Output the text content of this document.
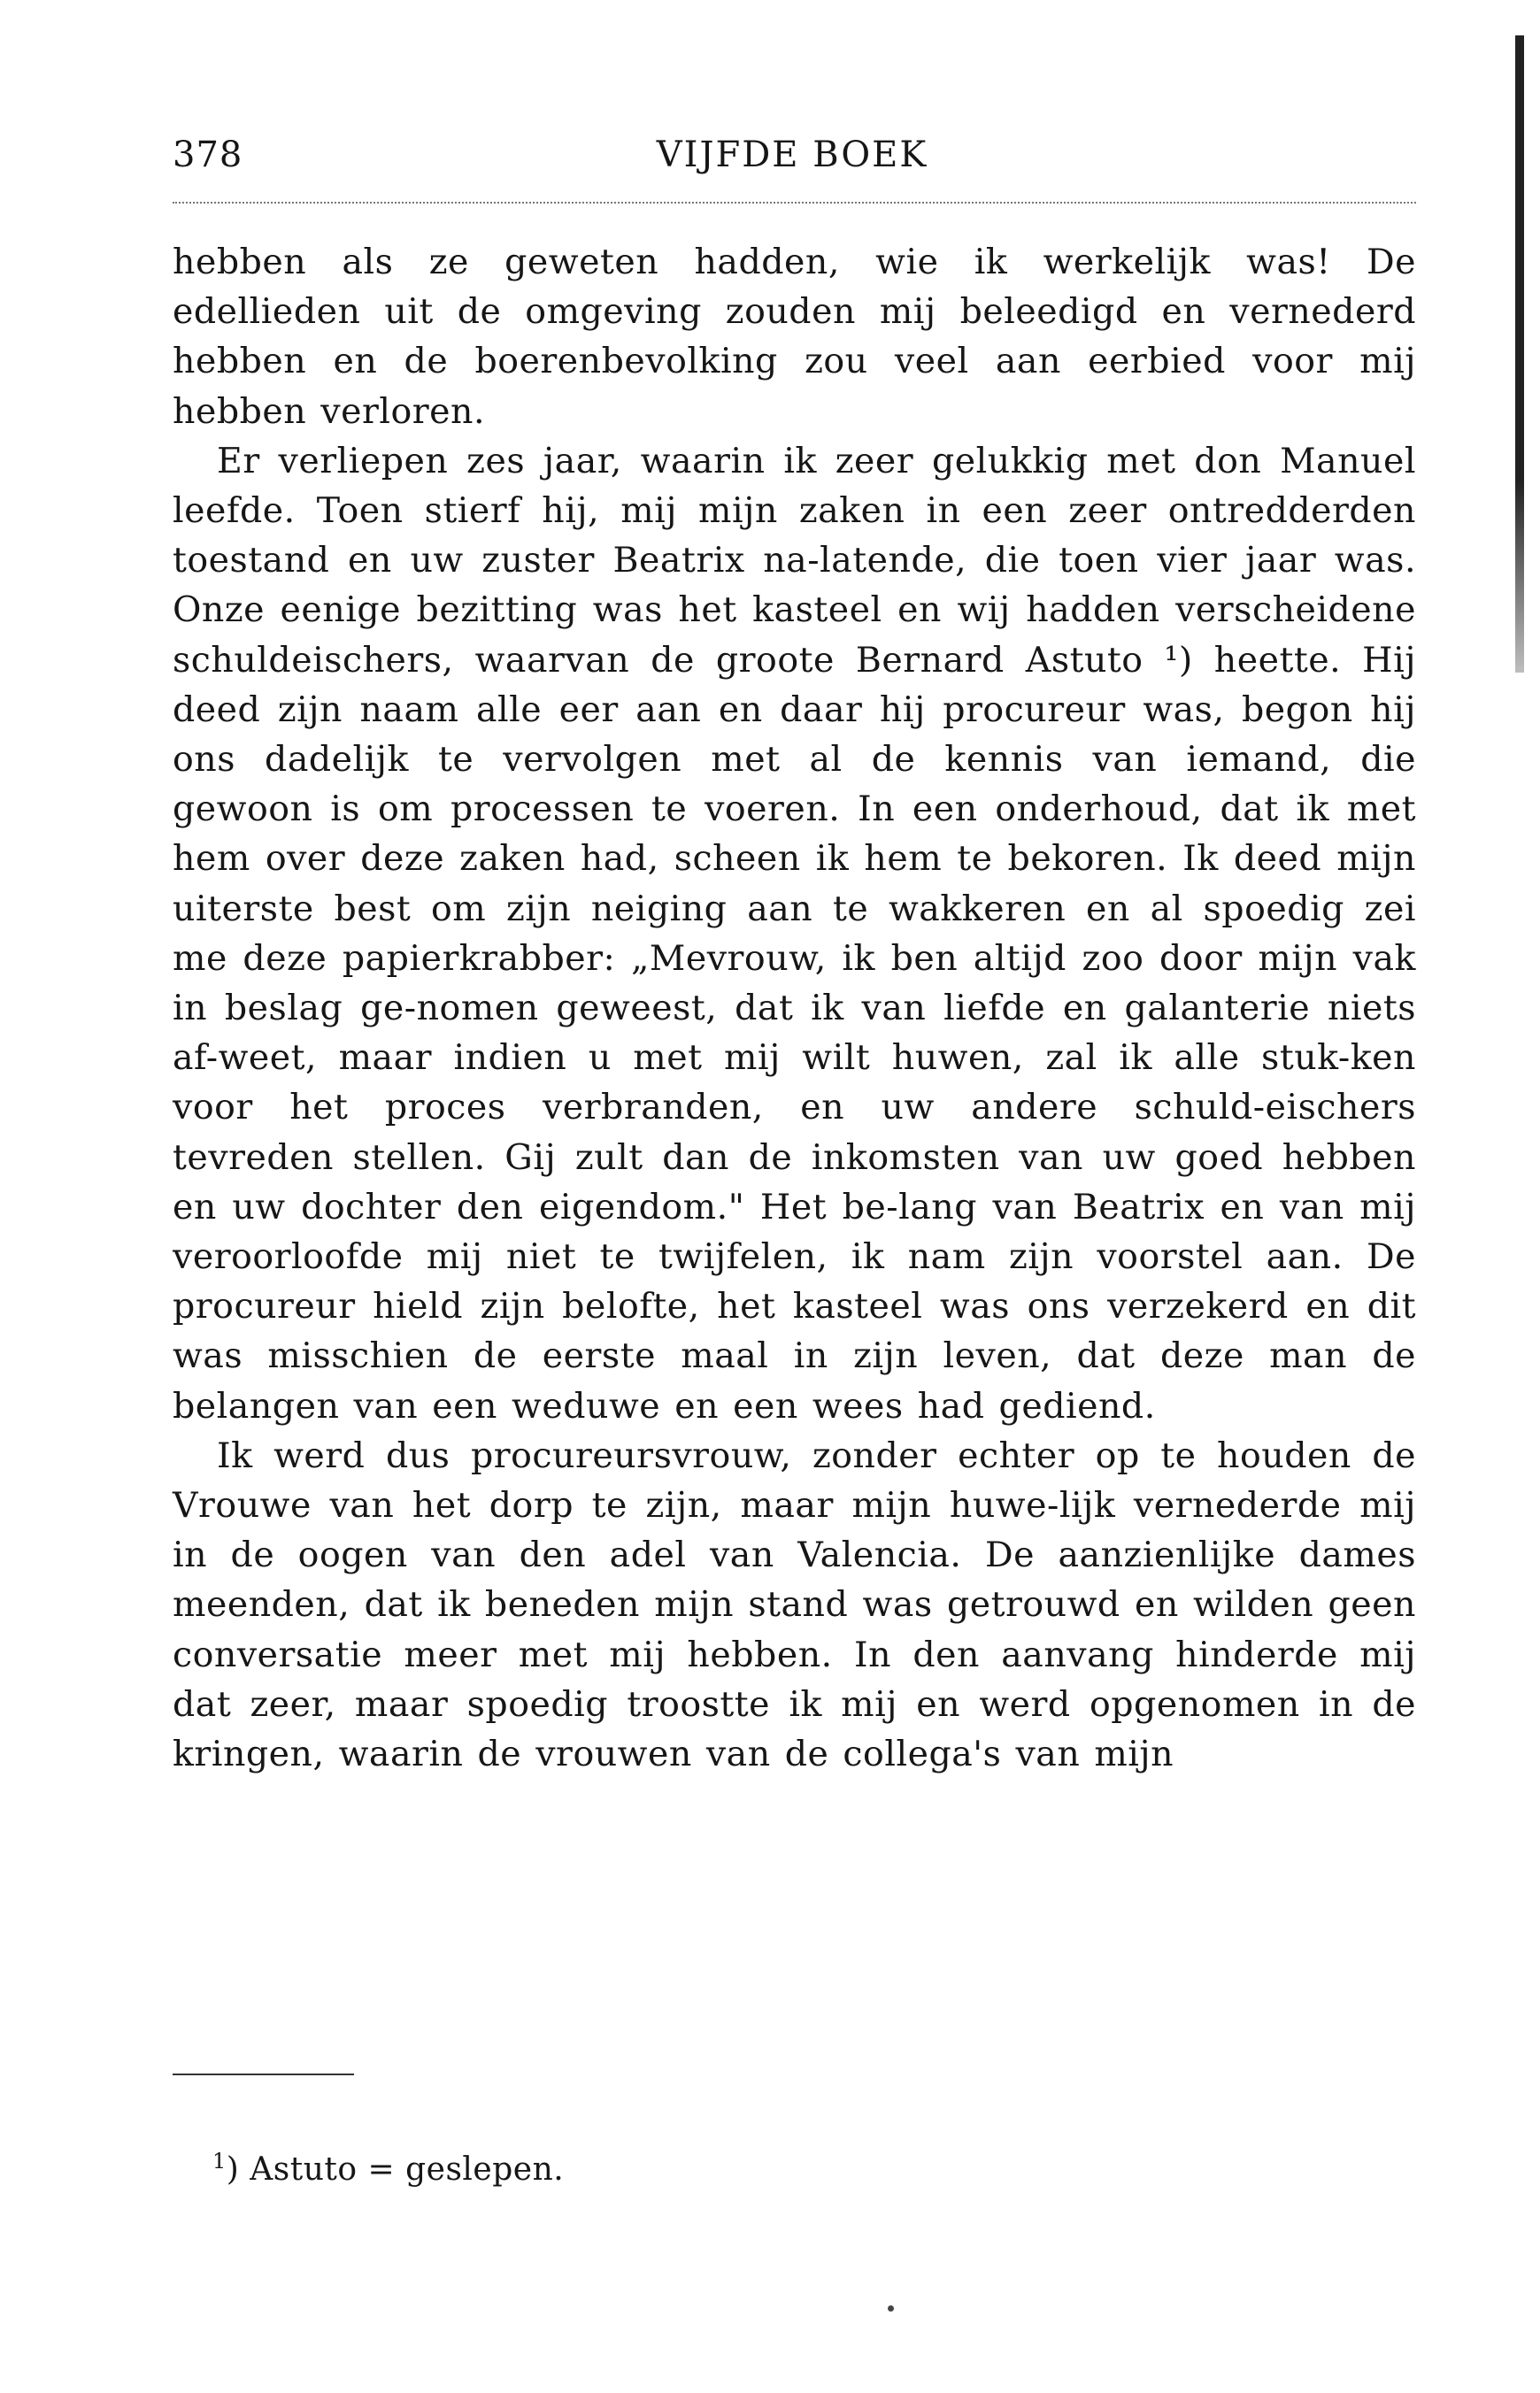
378	VIJFDE BOEK

hebben als ze geweten hadden, wie ik werkelijk was! De edellieden uit de omgeving zouden mij beleedigd en vernederd hebben en de boerenbevolking zou veel aan eerbied voor mij hebben verloren.

Er verliepen zes jaar, waarin ik zeer gelukkig met don Manuel leefde. Toen stierf hij, mij mijn zaken in een zeer ontredderden toestand en uw zuster Beatrix na-latende, die toen vier jaar was. Onze eenige bezitting was het kasteel en wij hadden verscheidene schuldeischers, waarvan de groote Bernard Astuto ¹) heette. Hij deed zijn naam alle eer aan en daar hij procureur was, begon hij ons dadelijk te vervolgen met al de kennis van iemand, die gewoon is om processen te voeren. In een onderhoud, dat ik met hem over deze zaken had, scheen ik hem te bekoren. Ik deed mijn uiterste best om zijn neiging aan te wakkeren en al spoedig zei me deze papierkrabber: „Mevrouw, ik ben altijd zoo door mijn vak in beslag ge-nomen geweest, dat ik van liefde en galanterie niets af-weet, maar indien u met mij wilt huwen, zal ik alle stuk-ken voor het proces verbranden, en uw andere schuld-eischers tevreden stellen. Gij zult dan de inkomsten van uw goed hebben en uw dochter den eigendom." Het be-lang van Beatrix en van mij veroorloofde mij niet te twijfelen, ik nam zijn voorstel aan. De procureur hield zijn belofte, het kasteel was ons verzekerd en dit was misschien de eerste maal in zijn leven, dat deze man de belangen van een weduwe en een wees had gediend.

Ik werd dus procureursvrouw, zonder echter op te houden de Vrouwe van het dorp te zijn, maar mijn huwe-lijk vernederde mij in de oogen van den adel van Valencia. De aanzienlijke dames meenden, dat ik beneden mijn stand was getrouwd en wilden geen conversatie meer met mij hebben. In den aanvang hinderde mij dat zeer, maar spoedig troostte ik mij en werd opgenomen in de kringen, waarin de vrouwen van de collega's van mijn

$^1$) Astuto = geslepen.
